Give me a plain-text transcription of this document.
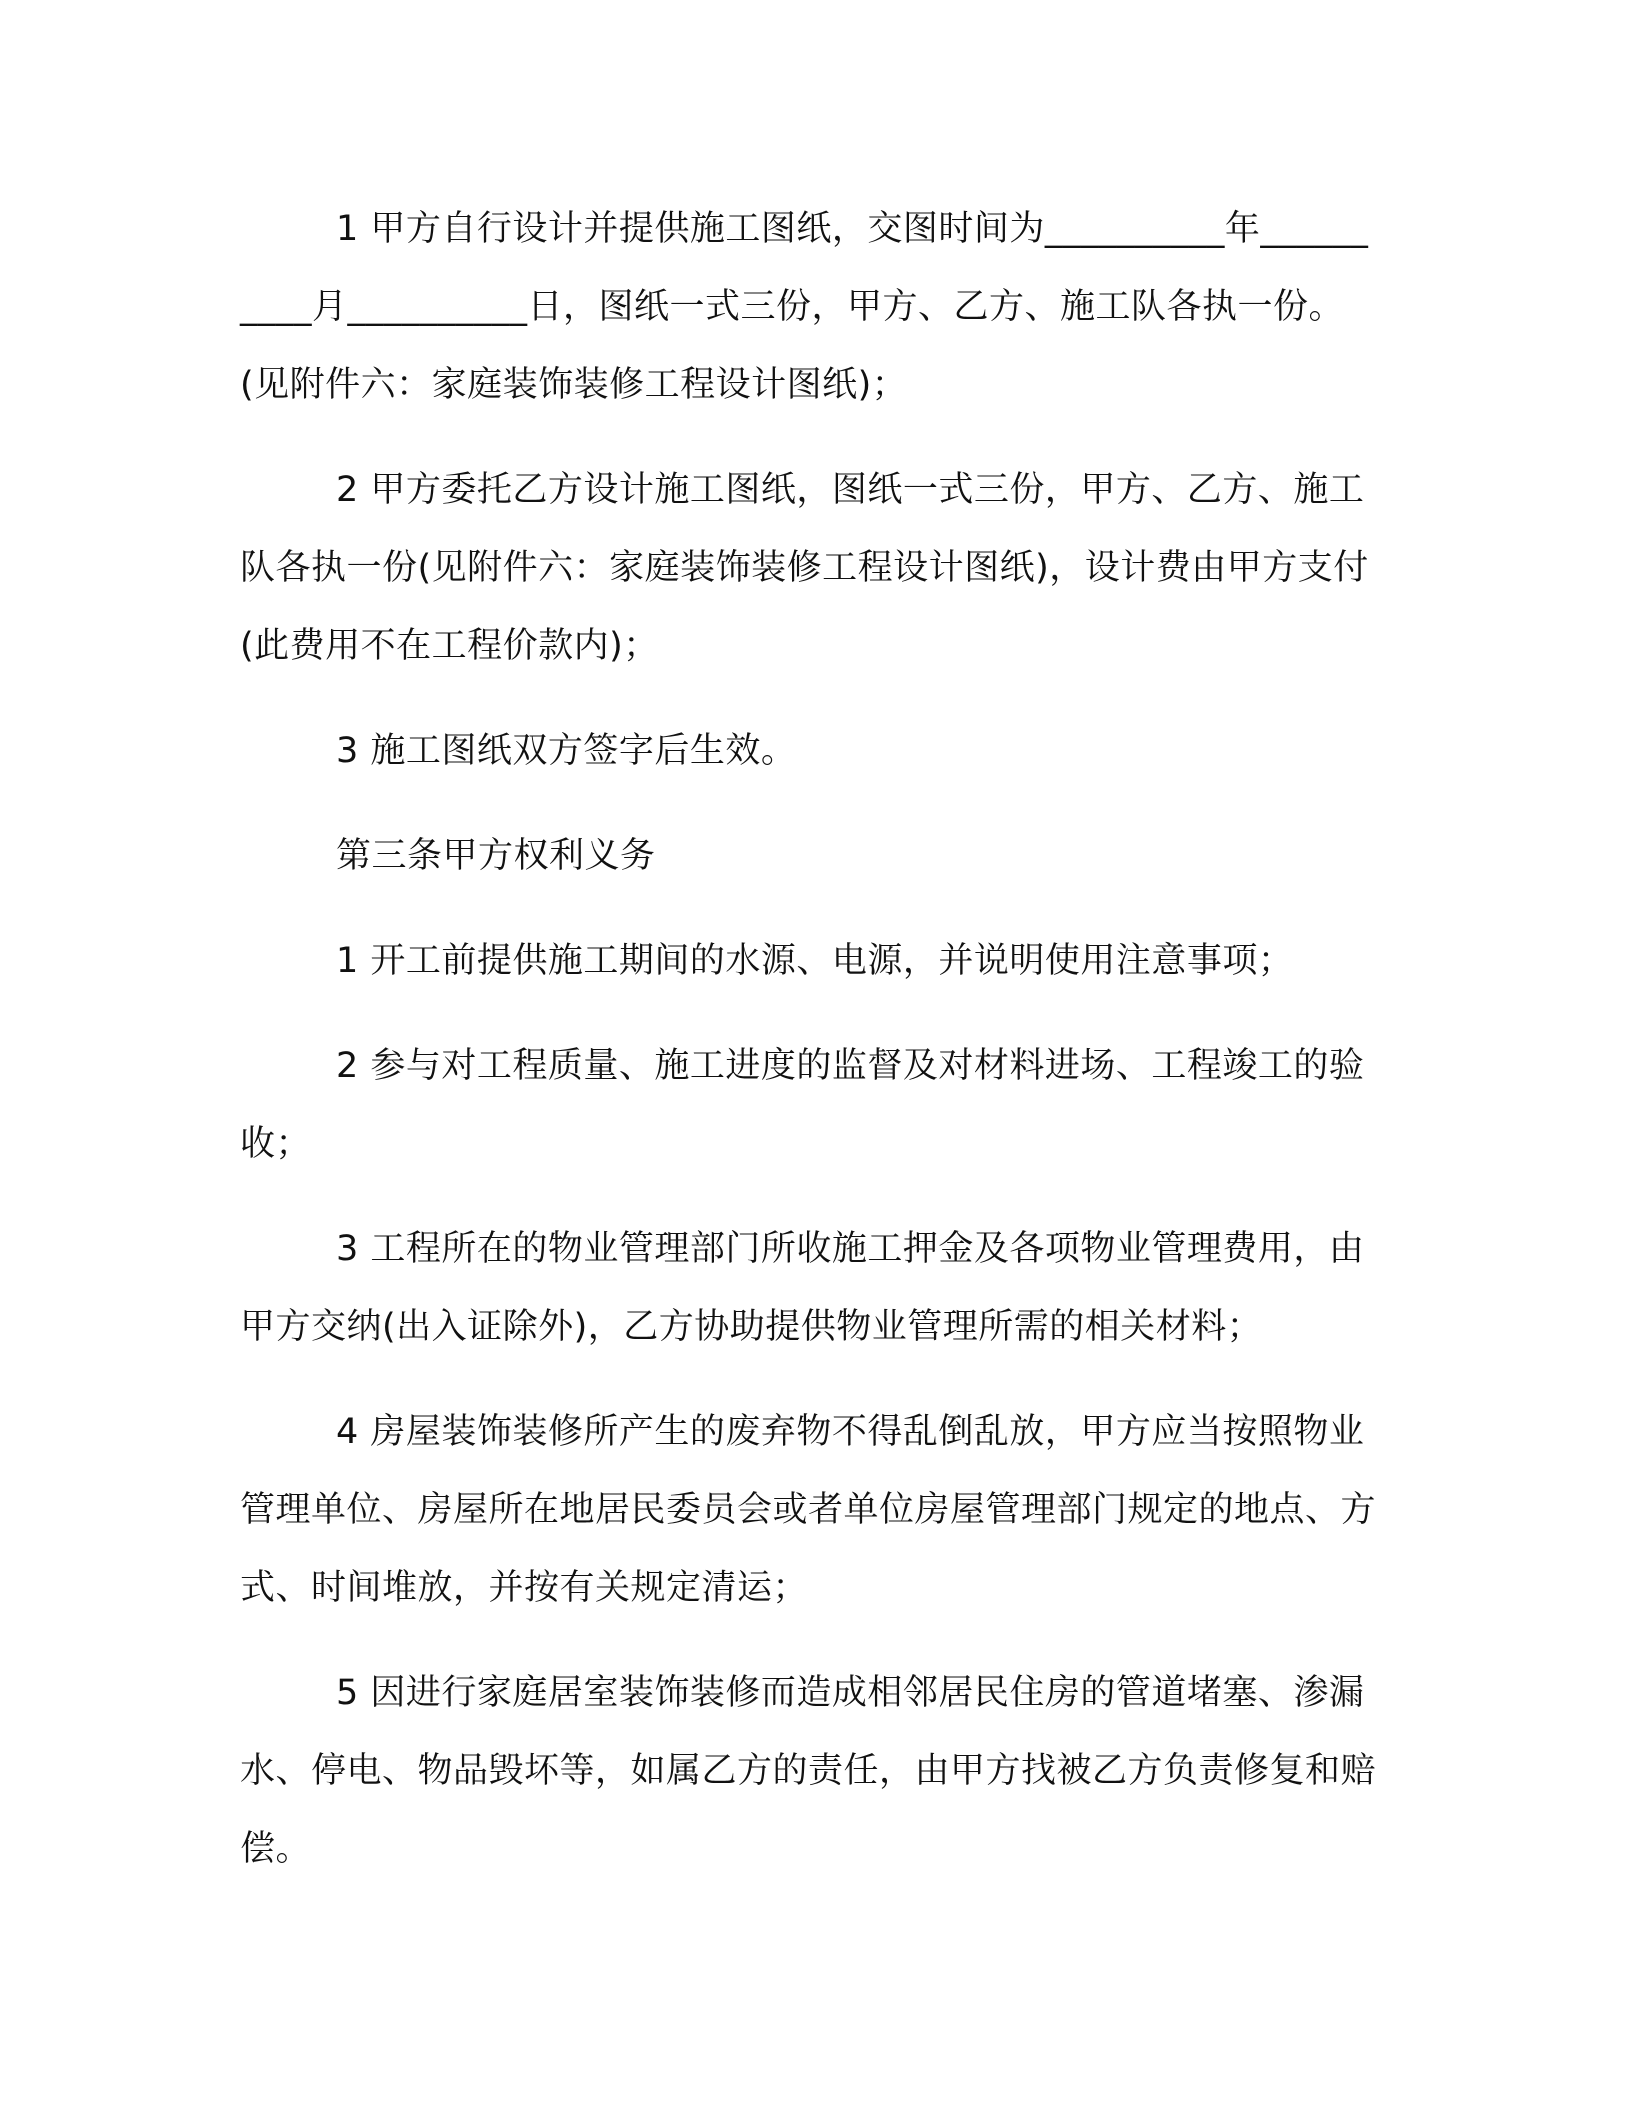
1 甲方自行设计并提供施工图纸，交图时间为__________年__________月__________日，图纸一式三份，甲方、乙方、施工队各执一份。(见附件六：家庭装饰装修工程设计图纸)；

2 甲方委托乙方设计施工图纸，图纸一式三份，甲方、乙方、施工队各执一份(见附件六：家庭装饰装修工程设计图纸)，设计费由甲方支付(此费用不在工程价款内)；

3 施工图纸双方签字后生效。

第三条甲方权利义务

1 开工前提供施工期间的水源、电源，并说明使用注意事项；

2 参与对工程质量、施工进度的监督及对材料进场、工程竣工的验收；

3 工程所在的物业管理部门所收施工押金及各项物业管理费用，由甲方交纳(出入证除外)，乙方协助提供物业管理所需的相关材料；

4 房屋装饰装修所产生的废弃物不得乱倒乱放，甲方应当按照物业管理单位、房屋所在地居民委员会或者单位房屋管理部门规定的地点、方式、时间堆放，并按有关规定清运；

5 因进行家庭居室装饰装修而造成相邻居民住房的管道堵塞、渗漏水、停电、物品毁坏等，如属乙方的责任，由甲方找被乙方负责修复和赔偿。
